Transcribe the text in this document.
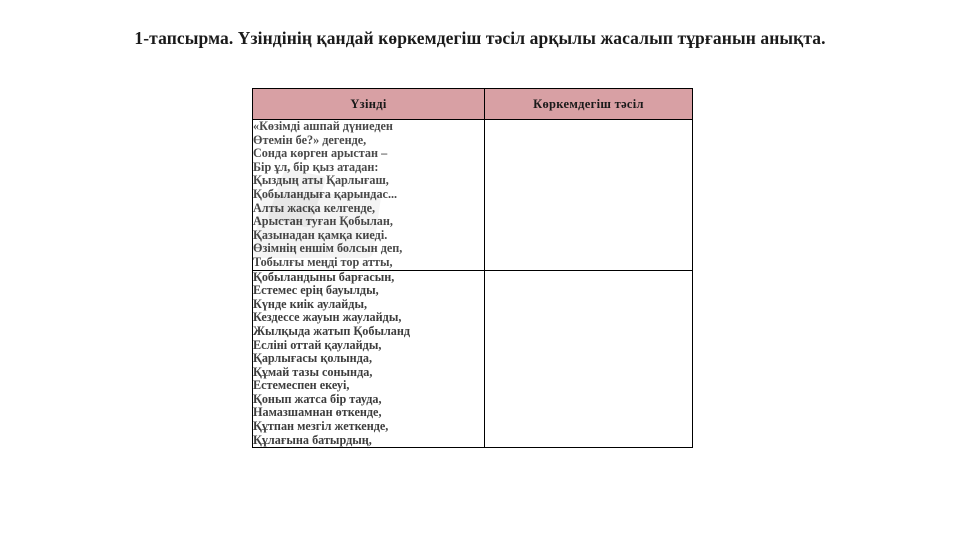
1-тапсырма. Үзіндінің қандай көркемдегіш тәсіл арқылы жасалып тұрғанын анықта.
Үзінді	Көркемдегіш тәсіл

«Көзімді ашпай дүниеден
Өтемін бе?» дегенде,
Сонда көрген арыстан –
Бір ұл, бір қыз атадан:
Қыздың аты Қарлығаш,
Қобыландыға қарындас...
Алты жасқа келгенде,
Арыстан туған Қобылан,
Қазынадан қамқа киеді.
Өзімнің еншім болсын деп,
Тобылғы меңді тор атты,

Қобыландыны барғасын,
Естемес ерің бауылды,
Күнде киік аулайды,
Кездессе жауын жаулайды,
Жылқыда жатып Қобыланд
Есліні оттай қаулайды,
Қарлығасы қолында,
Құмай тазы сонында,
Естемеспен екеуі,
Қонып жатса бір тауда,
Намазшамнан өткенде,
Құтпан мезгіл жеткенде,
Құлағына батырдың,
